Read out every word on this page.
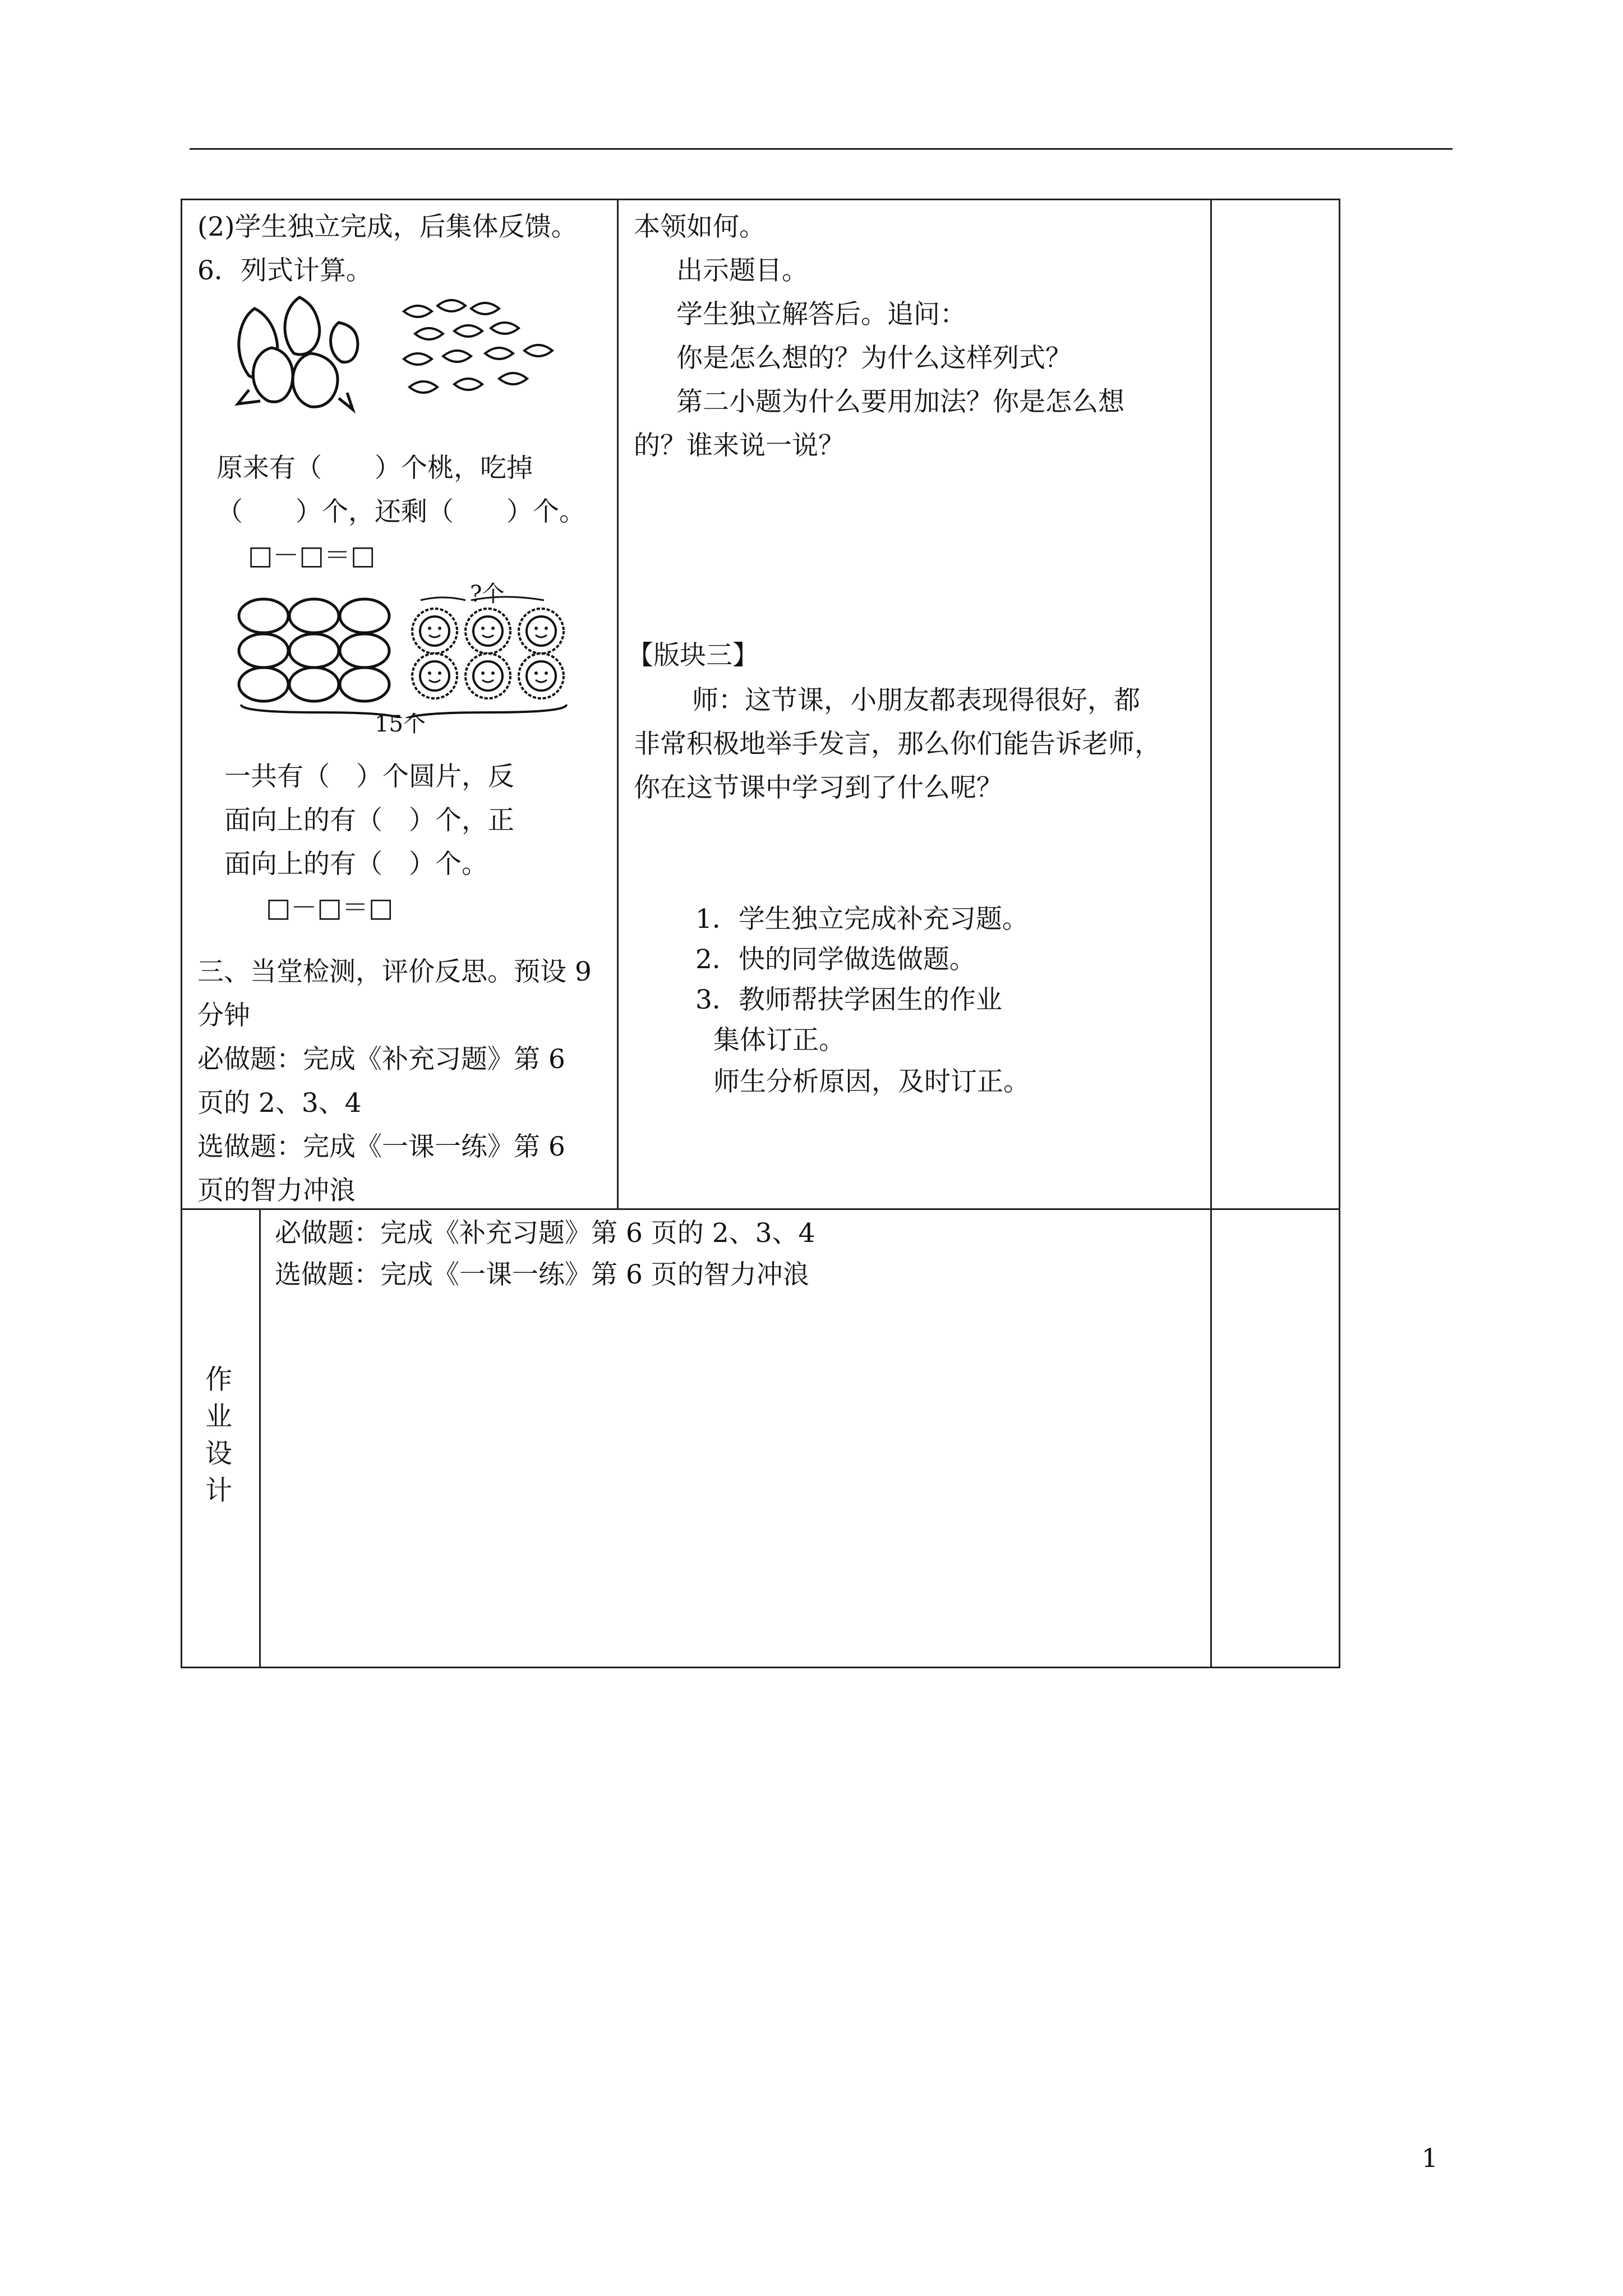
(2)学生独立完成，后集体反馈。
6．列式计算。
原来有（　　）个桃，吃掉
（　　）个，还剩（　　）个。
□－□＝□
?个
15个
一共有（　）个圆片，反
面向上的有（　）个，正
面向上的有（　）个。
□－□＝□
三、当堂检测，评价反思。预设 9
分钟
必做题：完成《补充习题》第 6
页的 2、3、4
选做题：完成《一课一练》第 6
页的智力冲浪
本领如何。
出示题目。
学生独立解答后。追问：
你是怎么想的？为什么这样列式？
第二小题为什么要用加法？你是怎么想
的？谁来说一说？
【版块三】
师：这节课，小朋友都表现得很好，都
非常积极地举手发言，那么你们能告诉老师，
你在这节课中学习到了什么呢？
1．学生独立完成补充习题。
2．快的同学做选做题。
3．教师帮扶学困生的作业
集体订正。
师生分析原因，及时订正。
作
业
设
计
必做题：完成《补充习题》第 6 页的 2、3、4
选做题：完成《一课一练》第 6 页的智力冲浪
1
